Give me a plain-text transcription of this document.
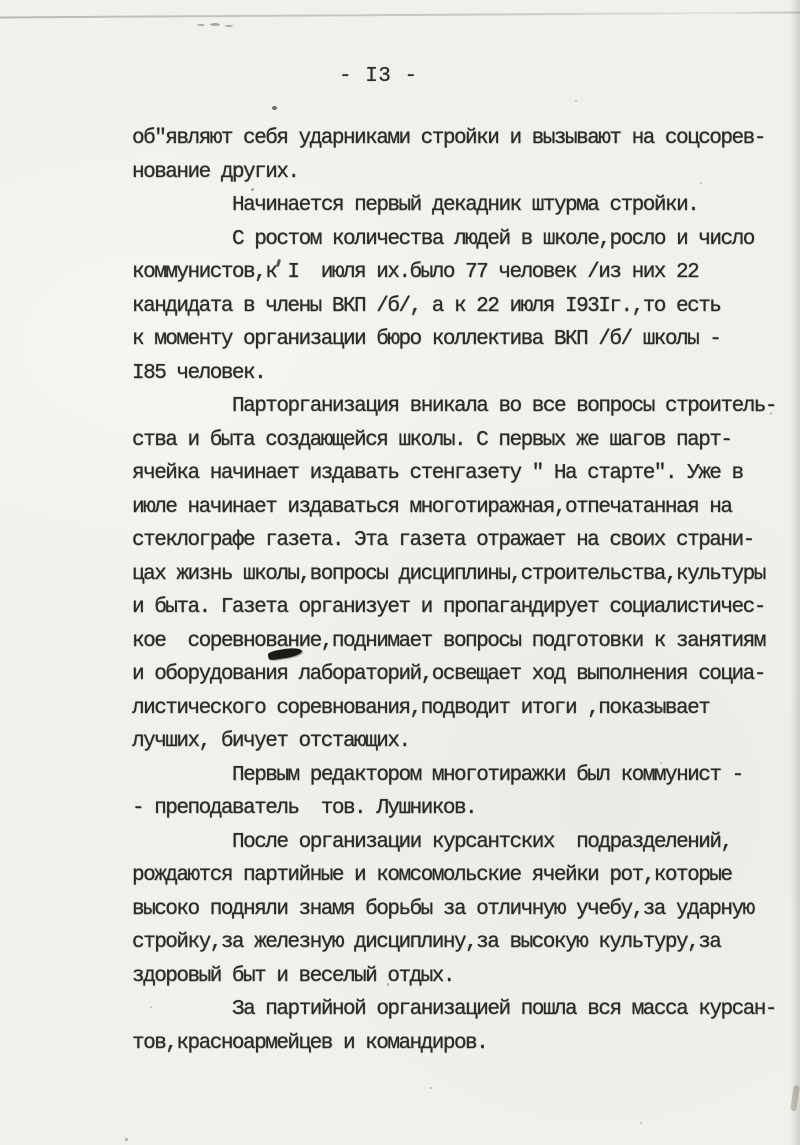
- I3 -
об"являют себя ударниками стройки и вызывают на соцсорев-
нование других.
Начинается первый декадник штурма стройки.
С ростом количества людей в школе,росло и число
коммунистов,к I  июля их.было 77 человек /из них 22
кандидата в члены ВКП /б/, а к 22 июля I93Iг.,то есть
к моменту организации бюро коллектива ВКП /б/ школы -
I85 человек.
Парторганизация вникала во все вопросы строитель-
ства и быта создающейся школы. С первых же шагов парт-
ячейка начинает издавать стенгазету " На старте". Уже в
июле начинает издаваться многотиражная,отпечатанная на
стеклографе газета. Эта газета отражает на своих страни-
цах жизнь школы,вопросы дисциплины,строительства,культуры
и быта. Газета организует и пропагандирует социалистичес-
кое  соревнование,поднимает вопросы подготовки к занятиям
и оборудования лабораторий,освещает ход выполнения социа-
листического соревнования,подводит итоги ,показывает
лучших, бичует отстающих.
Первым редактором многотиражки был коммунист -
- преподаватель  тов. Лушников.
После организации курсантских  подразделений,
рождаются партийные и комсомольские ячейки рот,которые
высоко подняли знамя борьбы за отличную учебу,за ударную
стройку,за железную дисциплину,за высокую культуру,за
здоровый быт и веселый отдых.
За партийной организацией пошла вся масса курсан-
тов,красноармейцев и командиров.
